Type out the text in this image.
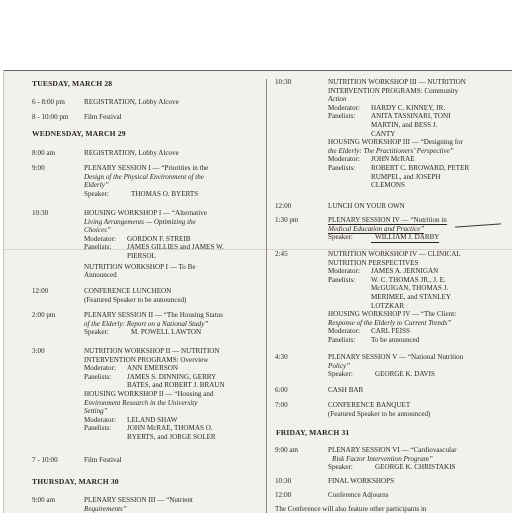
TUESDAY, MARCH 28
6 - 8:00 pm	REGISTRATION, Lobby Alcove
8 - 10:00 pm Film Festival
WEDNESDAY, MARCH 29
8:00 am	REGISTRATION, Lobby Alcove
9:00	PLENARY SESSION I — “Priorities in the
Design of the Physical Environment of the
Elderly”
Speaker:	THOMAS O. BYERTS
10:30	HOUSING WORKSHOP I — “Alternative
Living Arrangements — Optimizing the
Choices”
Moderator:	GORDON F. STREIB
Panelists:	JAMES GILLIES and JAMES W.
PIERSOL
NUTRITION WORKSHOP I — To Be
Announced
12:00	CONFERENCE LUNCHEON
(Featured Speaker to be announced)
2:00 pm	PLENARY SESSION II — “The Housing Status
of the Elderly: Report on a National Study”
Speaker:	M. POWELL LAWTON
3:00	NUTRITION WORKSHOP II — NUTRITION
INTERVENTION PROGRAMS: Overview
Moderator:	ANN EMERSON
Panelists:	JAMES S. DINNING, GERRY
BATES, and ROBERT J. BRAUN
HOUSING WORKSHOP II — “Housing and
Environment Research in the University
Setting”
Moderator:	LELAND SHAW
Panelists:	JOHN McRAE, THOMAS O.
BYERTS, and JORGE SOLER
7 - 10:00	Film Festival
THURSDAY, MARCH 30
9:00 am	PLENARY SESSION III — “Nutrient
Requirements”
10:30	NUTRITION WORKSHOP III — NUTRITION
INTERVENTION PROGRAMS: Community
Action
Moderator:	HARDY C. KINNEY, JR.
Panelists:	ANITA TASSINARI, TONI
MARTIN, and BESS J.
CANTY
HOUSING WORKSHOP III — “Designing for
the Elderly: The Practitioners’ Perspective”
Moderator:	JOHN McRAE
Panelists:	ROBERT C. BROWARD, PETER
RUMPEL, and JOSEPH
CLEMONS
12:00	LUNCH ON YOUR OWN
1:30 pm	PLENARY SESSION IV — “Nutrition in
Medical Education and Practice”
Speaker:	WILLIAM J. DARBY
2:45	NUTRITION WORKSHOP IV — CLINICAL
NUTRITION PERSPECTIVES
Moderator:	JAMES A. JERNIGAN
Panelists:	W. C. THOMAS JR., J. E.
McGUIGAN, THOMAS J.
MERIMEE, and STANLEY
LOTZKAR
HOUSING WORKSHOP IV — “The Client:
Response of the Elderly to Current Trends”
Moderator:	CARL FEISS
Panelists:	To be announced
4:30	PLENARY SESSION V — “National Nutrition
Policy”
Speaker:	GEORGE K. DAVIS
6:00	CASH BAR
7:00	CONFERENCE BANQUET
(Featured Speaker to be announced)
FRIDAY, MARCH 31
9:00 am	PLENARY SESSION VI — “Cardiovascular
Risk Factor Intervention Program”
Speaker:	GEORGE K. CHRISTAKIS
10:30	FINAL WORKSHOPS
12:00	Conference Adjourns
The Conference will also feature other participants in
